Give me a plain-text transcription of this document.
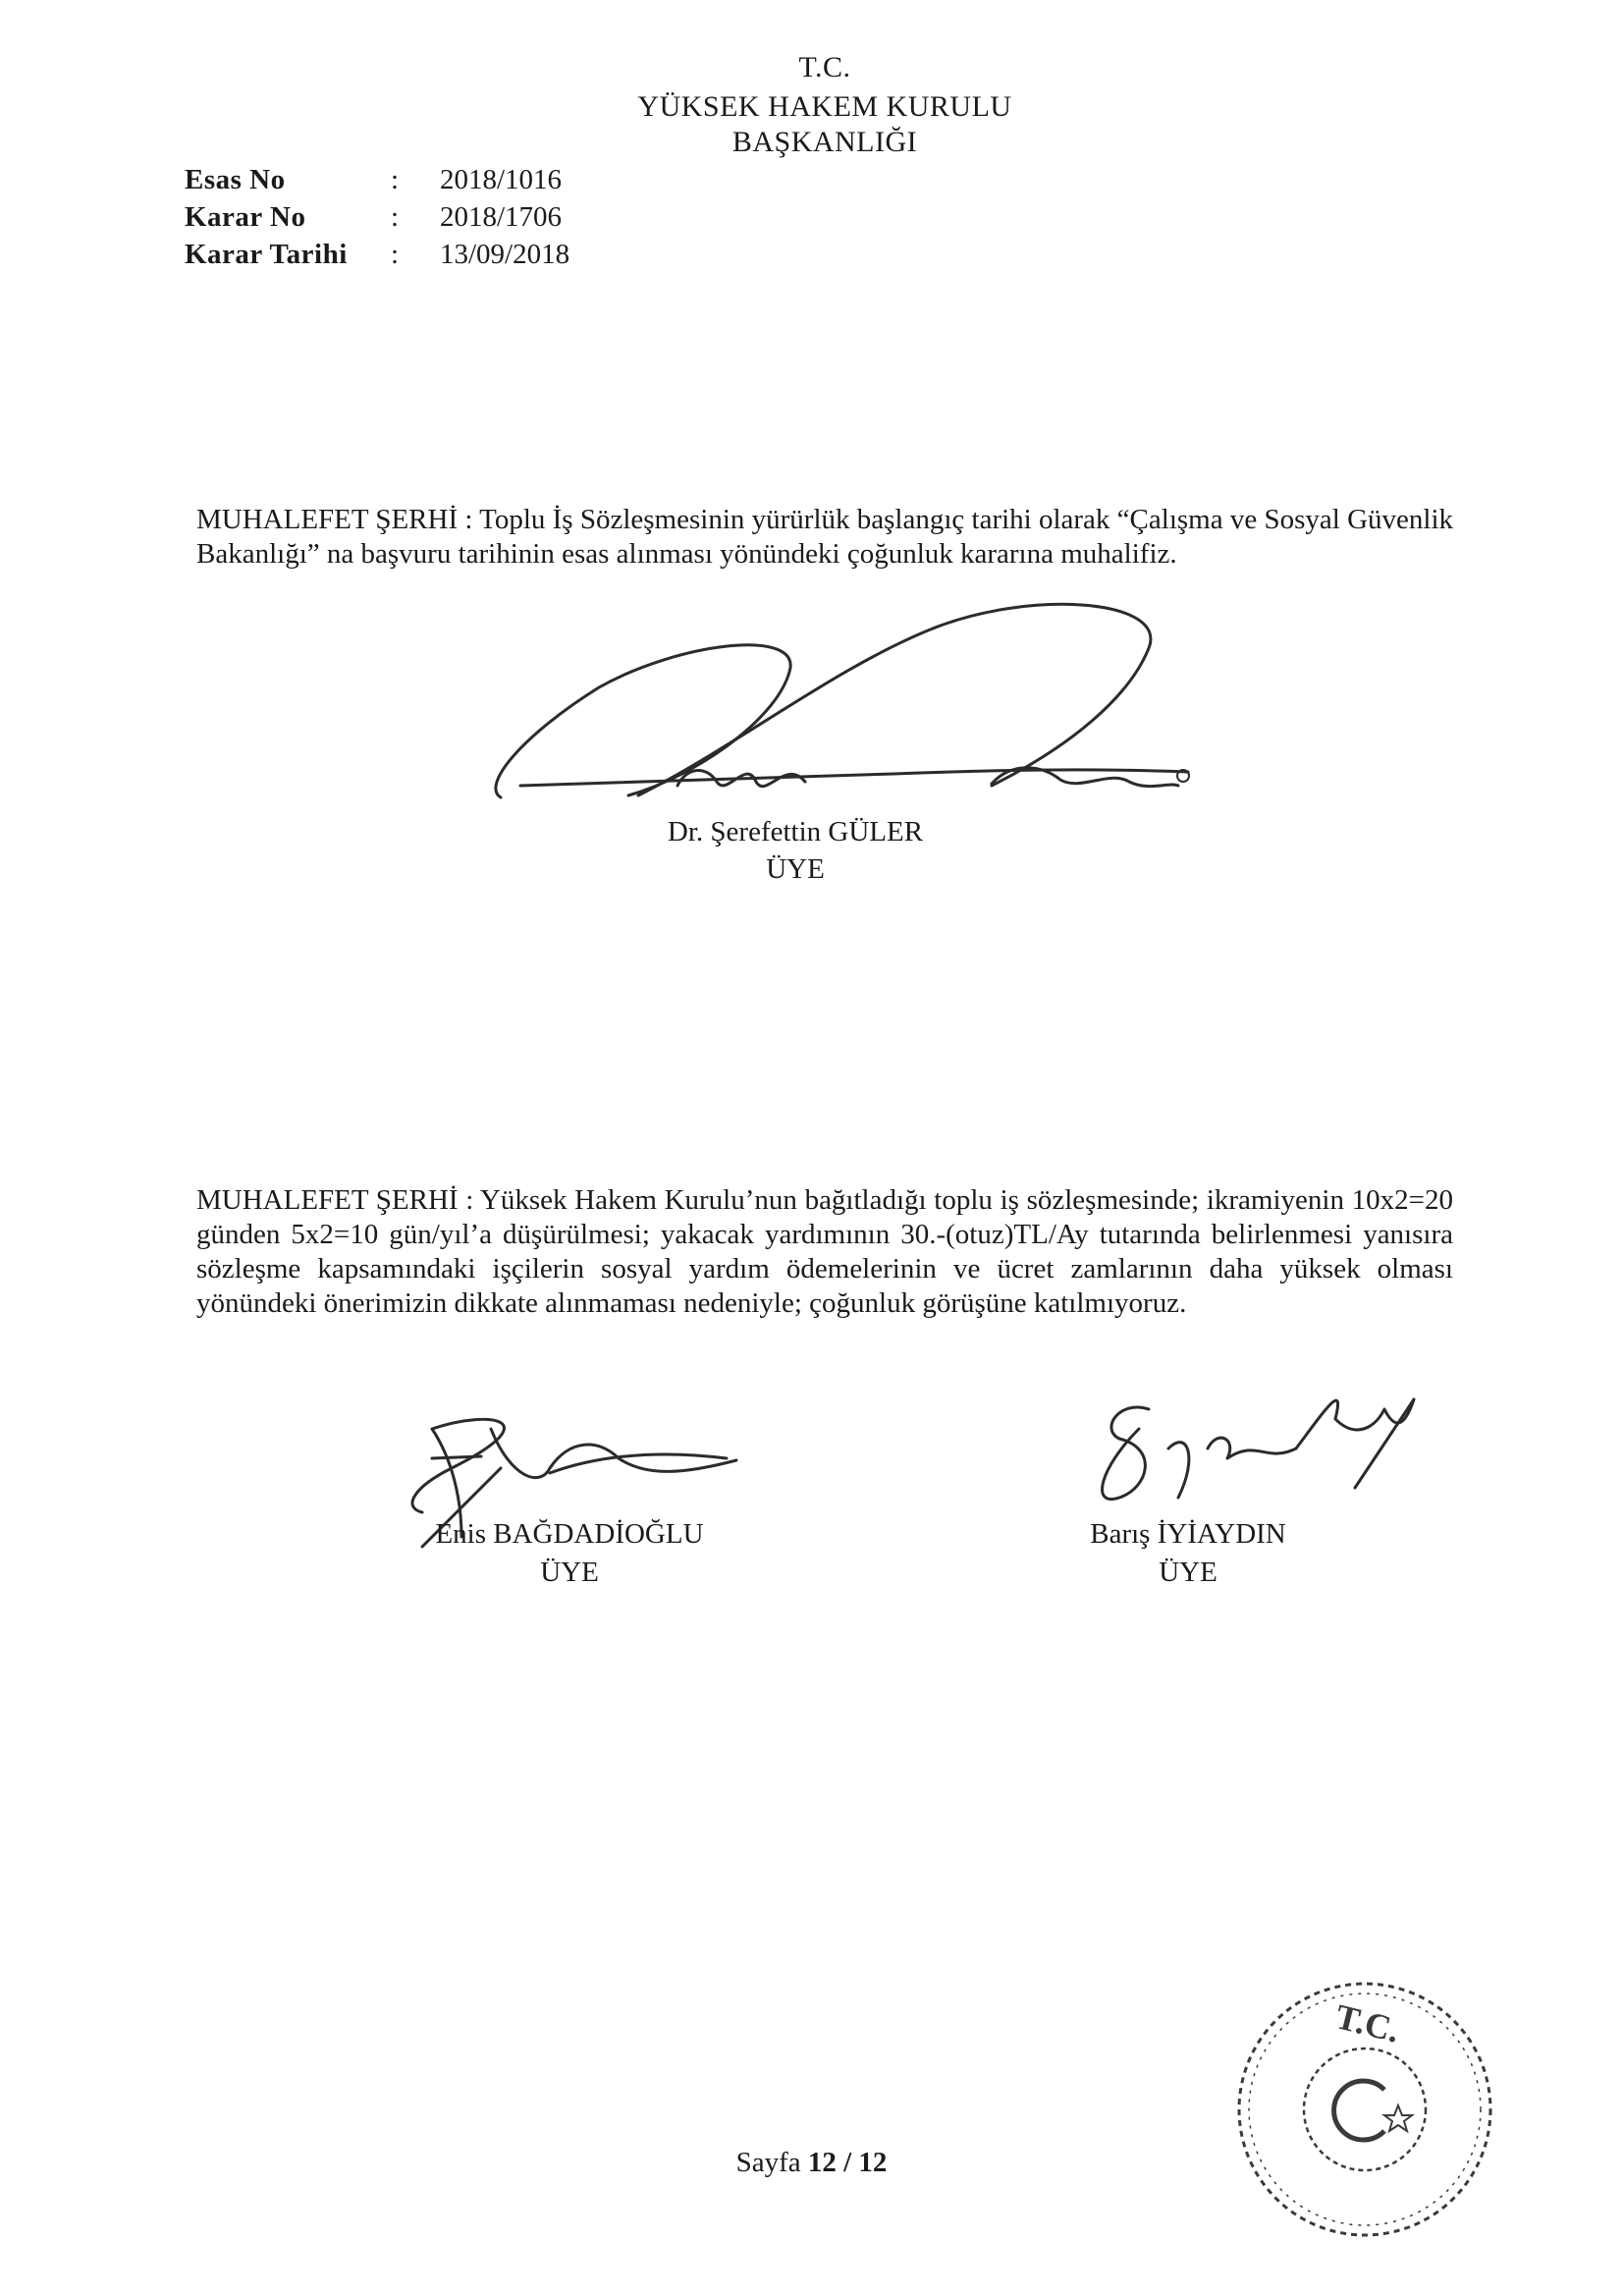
T.C.
YÜKSEK HAKEM KURULU
BAŞKANLIĞI
Esas No	:	2018/1016
Karar No	:	2018/1706
Karar Tarihi	:	13/09/2018

MUHALEFET ŞERHİ : Toplu İş Sözleşmesinin yürürlük başlangıç tarihi olarak “Çalışma ve Sosyal Güvenlik Bakanlığı” na başvuru tarihinin esas alınması yönündeki çoğunluk kararına muhalifiz.

Dr. Şerefettin GÜLER
ÜYE

MUHALEFET ŞERHİ : Yüksek Hakem Kurulu’nun bağıtladığı toplu iş sözleşmesinde; ikramiyenin 10x2=20 günden 5x2=10 gün/yıl’a düşürülmesi; yakacak yardımının 30.-(otuz)TL/Ay tutarında belirlenmesi yanısıra sözleşme kapsamındaki işçilerin sosyal yardım ödemelerinin ve ücret zamlarının daha yüksek olması yönündeki önerimizin dikkate alınmaması nedeniyle; çoğunluk görüşüne katılmıyoruz.

Enis BAĞDADİOĞLU
ÜYE
Barış İYİAYDIN
ÜYE
T.C.
Sayfa 12 / 12
